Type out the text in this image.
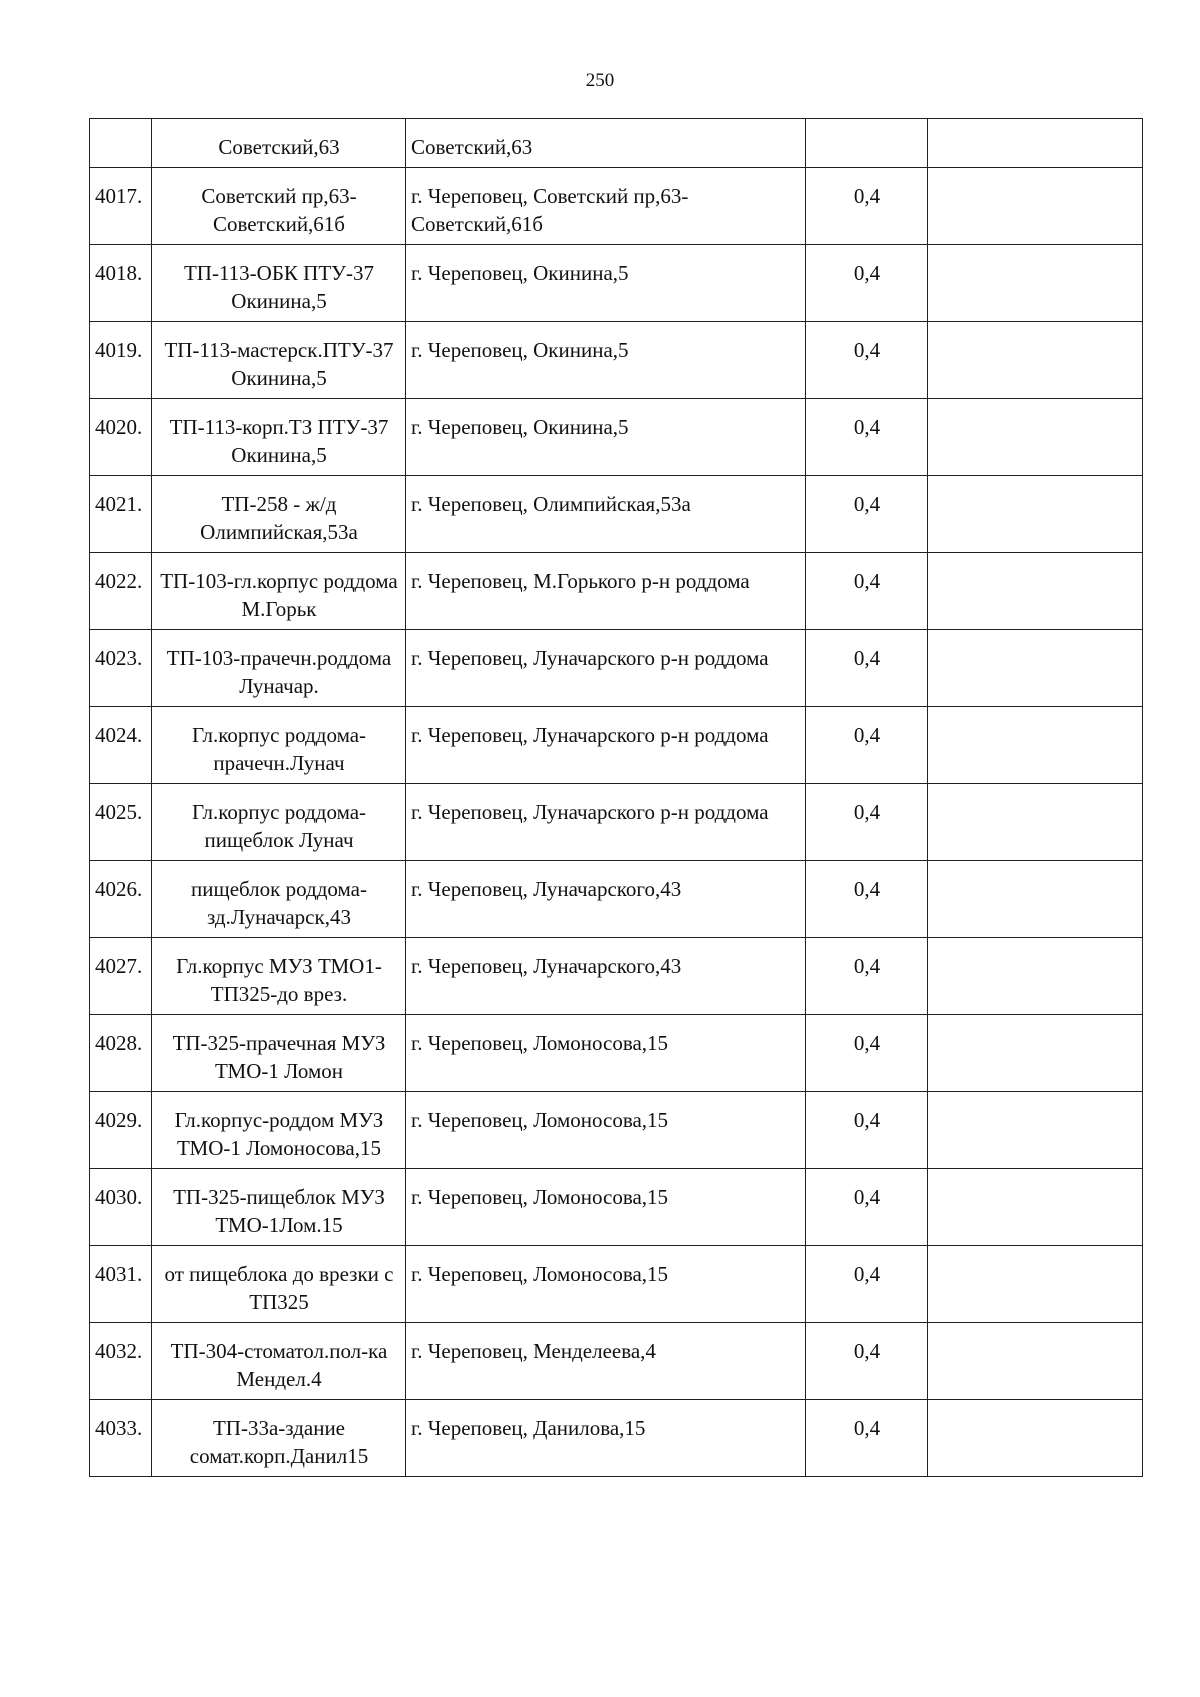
250
	Советский,63	Советский,63		
4017.	Советский пр,63-Советский,61б	г. Череповец, Советский пр,63-Советский,61б	0,4	
4018.	ТП-113-ОБК ПТУ-37 Окинина,5	г. Череповец, Окинина,5	0,4	
4019.	ТП-113-мастерск.ПТУ-37 Окинина,5	г. Череповец, Окинина,5	0,4	
4020.	ТП-113-корп.ТЗ ПТУ-37 Окинина,5	г. Череповец, Окинина,5	0,4	
4021.	ТП-258 - ж/д Олимпийская,53а	г. Череповец, Олимпийская,53а	0,4	
4022.	ТП-103-гл.корпус роддома М.Горьк	г. Череповец, М.Горького р-н роддома	0,4	
4023.	ТП-103-прачечн.роддома Луначар.	г. Череповец, Луначарского р-н роддома	0,4	
4024.	Гл.корпус роддома-прачечн.Лунач	г. Череповец, Луначарского р-н роддома	0,4	
4025.	Гл.корпус роддома-пищеблок Лунач	г. Череповец, Луначарского р-н роддома	0,4	
4026.	пищеблок роддома-зд.Луначарск,43	г. Череповец, Луначарского,43	0,4	
4027.	Гл.корпус МУЗ ТМО1-ТП325-до врез.	г. Череповец, Луначарского,43	0,4	
4028.	ТП-325-прачечная МУЗ ТМО-1 Ломон	г. Череповец, Ломоносова,15	0,4	
4029.	Гл.корпус-роддом МУЗ ТМО-1 Ломоносова,15	г. Череповец, Ломоносова,15	0,4	
4030.	ТП-325-пищеблок МУЗ ТМО-1Лом.15	г. Череповец, Ломоносова,15	0,4	
4031.	от пищеблока до врезки с ТП325	г. Череповец, Ломоносова,15	0,4	
4032.	ТП-304-стоматол.пол-ка Мендел.4	г. Череповец, Менделеева,4	0,4	
4033.	ТП-33а-здание сомат.корп.Данил15	г. Череповец, Данилова,15	0,4	
